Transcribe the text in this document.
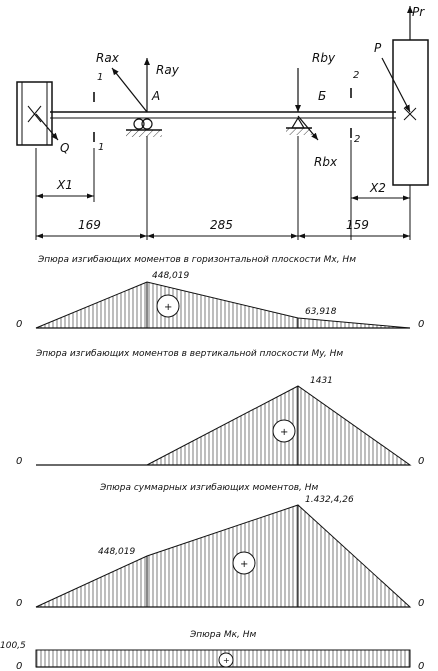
Pr
Rax
Ray
Rby
Rbx
P
Q
A	Б
1
1
2
2
X1	X2
169	285	159
Эпюра изгибающих моментов в горизонтальной плоскости Mx, Нм
+
448,019
63,918
0	0
Эпюра изгибающих моментов в вертикальной плоскости My, Нм
+
1431
0	0
Эпюра суммарных изгибающих моментов, Нм
+
448,019
1.432,4,26
0	0
Эпюра Mк, Нм
+
100,5
0	0
